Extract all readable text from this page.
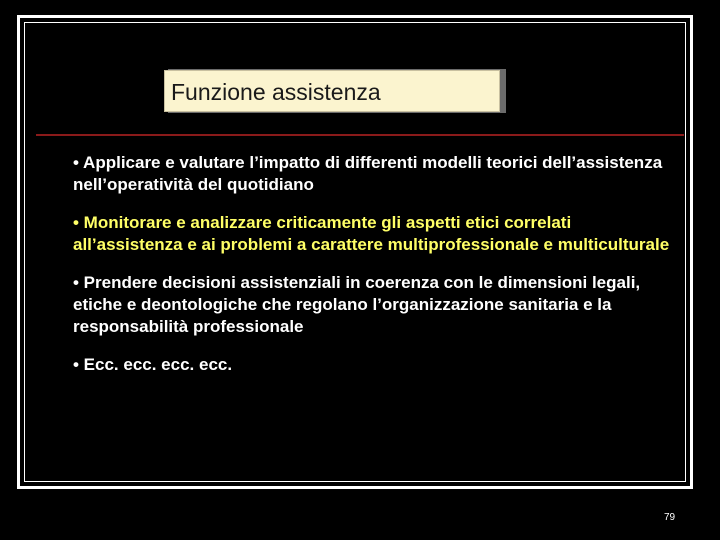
Funzione assistenza
• Applicare e valutare l’impatto di differenti modelli teorici dell’assistenza nell’operatività del quotidiano
• Monitorare e analizzare criticamente gli aspetti etici correlati all’assistenza e ai problemi a carattere multiprofessionale e multiculturale
• Prendere decisioni assistenziali in coerenza con le dimensioni legali, etiche e deontologiche che regolano l’organizzazione sanitaria e la responsabilità professionale
• Ecc. ecc. ecc. ecc.
79
